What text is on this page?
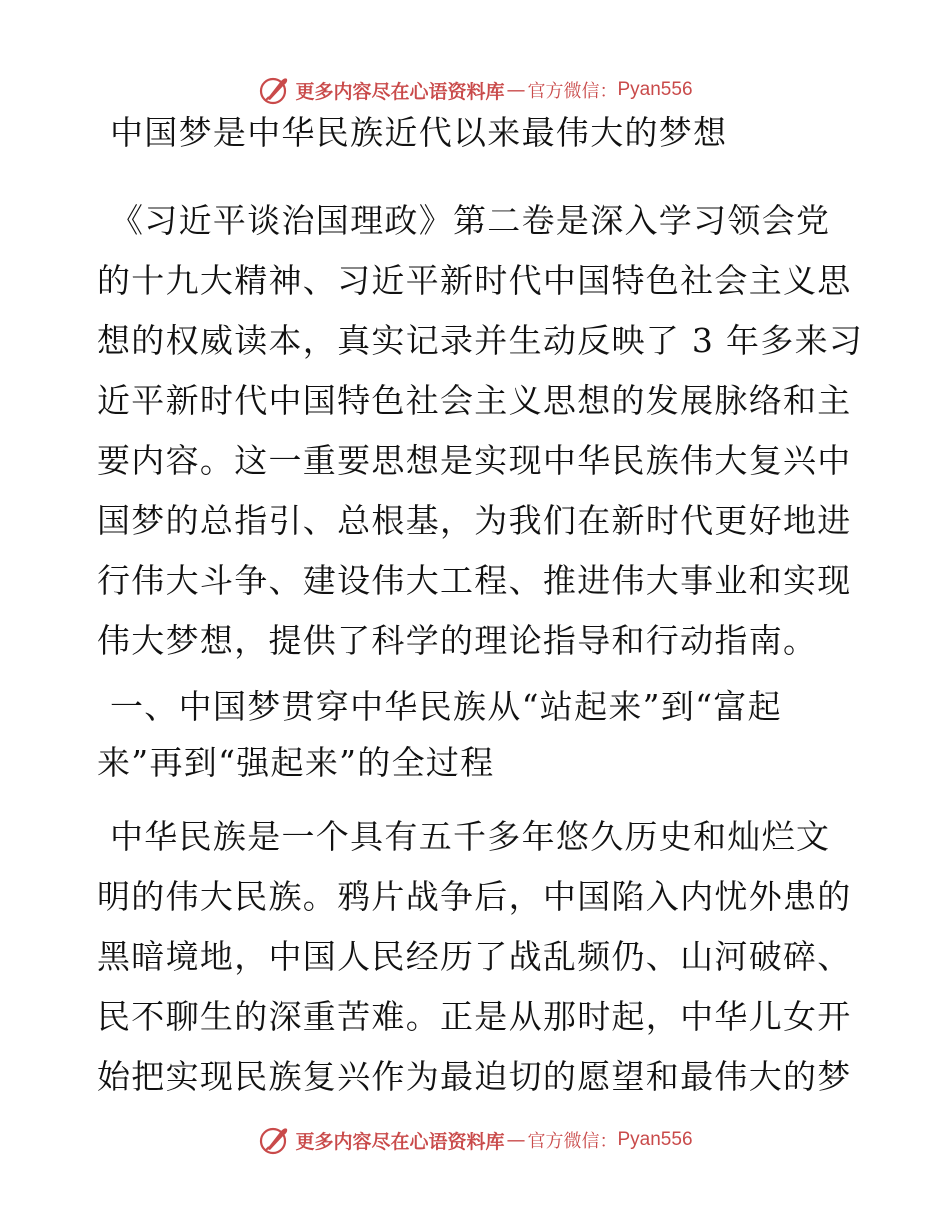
更多内容尽在心语资料库 — 官方微信： Pyan556
中国梦是中华民族近代以来最伟大的梦想
《习近平谈治国理政》第二卷是深入学习领会党
的十九大精神、习近平新时代中国特色社会主义思
想的权威读本，真实记录并生动反映了 3 年多来习
近平新时代中国特色社会主义思想的发展脉络和主
要内容。这一重要思想是实现中华民族伟大复兴中
国梦的总指引、总根基，为我们在新时代更好地进
行伟大斗争、建设伟大工程、推进伟大事业和实现
伟大梦想，提供了科学的理论指导和行动指南。
一、中国梦贯穿中华民族从“站起来”到“富起
来”再到“强起来”的全过程
中华民族是一个具有五千多年悠久历史和灿烂文
明的伟大民族。鸦片战争后，中国陷入内忧外患的
黑暗境地，中国人民经历了战乱频仍、山河破碎、
民不聊生的深重苦难。正是从那时起，中华儿女开
始把实现民族复兴作为最迫切的愿望和最伟大的梦
更多内容尽在心语资料库 — 官方微信： Pyan556
